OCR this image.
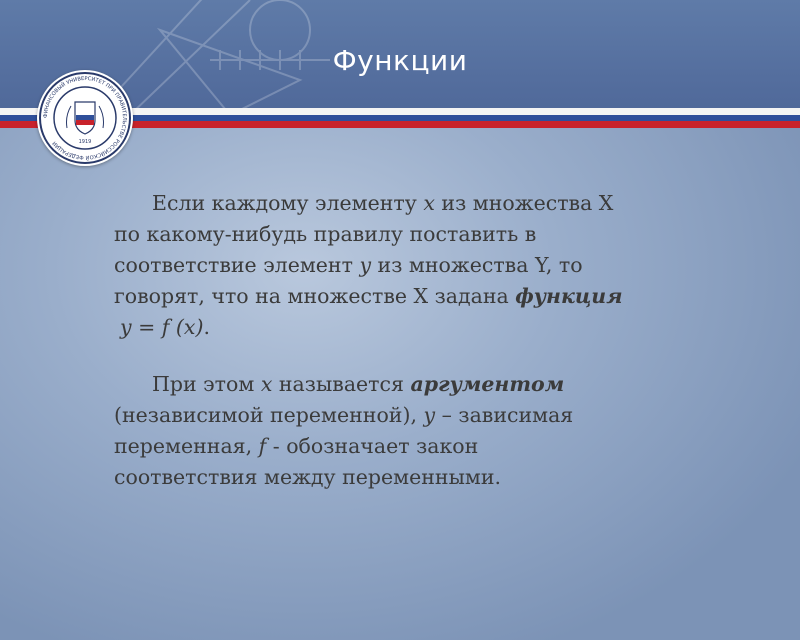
Функции
ФИНАНСОВЫЙ УНИВЕРСИТЕТ ПРИ ПРАВИТЕЛЬСТВЕ РОССИЙСКОЙ ФЕДЕРАЦИИ	1919
Если каждому элементу x из множества X
по какому-нибудь правилу поставить в
соответствие элемент y из множества Y, то
говорят, что на множестве X задана функция
y = f (x).
При этом x называется аргументом
(независимой переменной), y – зависимая
переменная, f - обозначает закон
соответствия между переменными.
